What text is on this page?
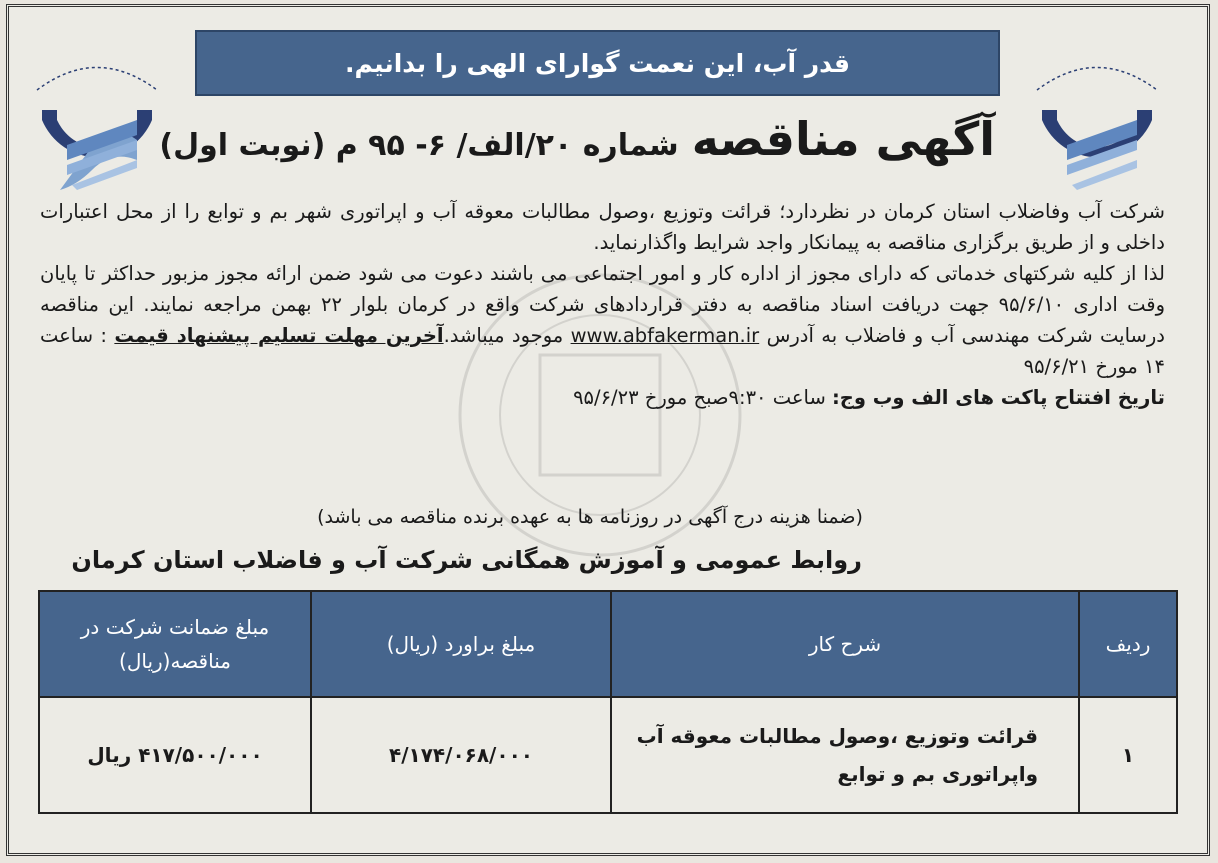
قدر آب، این نعمت گوارای الهی را بدانیم.
آگهی مناقصه شماره ۲۰/الف/ ۶- ۹۵ م (نوبت اول)

شرکت آب وفاضلاب استان کرمان در نظردارد؛ قرائت وتوزیع ،وصول مطالبات معوقه آب و اپراتوری شهر بم و توابع را از محل اعتبارات داخلی و از طریق برگزاری مناقصه به پیمانکار واجد شرایط واگذارنماید.

لذا از کلیه شرکتهای خدماتی که دارای مجوز از اداره کار و امور اجتماعی می باشند دعوت می شود ضمن ارائه مجوز مزبور حداکثر تا پایان وقت اداری ۹۵/۶/۱۰ جهت دریافت اسناد مناقصه به دفتر قراردادهای شرکت واقع در کرمان بلوار ۲۲ بهمن مراجعه نمایند. این مناقصه درسایت شرکت مهندسی آب و فاضلاب به آدرس www.abfakerman.ir موجود میباشد.آخرین مهلت تسلیم پیشنهاد قیمت : ساعت ۱۴ مورخ ۹۵/۶/۲۱

تاریخ افتتاح پاکت های الف وب وج: ساعت ۹:۳۰صبح مورخ ۹۵/۶/۲۳

(ضمنا هزینه درج آگهی در روزنامه ها به عهده برنده مناقصه می باشد)
روابط عمومی و آموزش همگانی شرکت آب و فاضلاب استان کرمان
ردیف	شرح کار	مبلغ براورد (ریال)	مبلغ ضمانت شرکت در مناقصه(ریال)
۱	قرائت وتوزیع ،وصول مطالبات معوقه آب واپراتوری بم و توابع	۴/۱۷۴/۰۶۸/۰۰۰	۴۱۷/۵۰۰/۰۰۰ ریال
